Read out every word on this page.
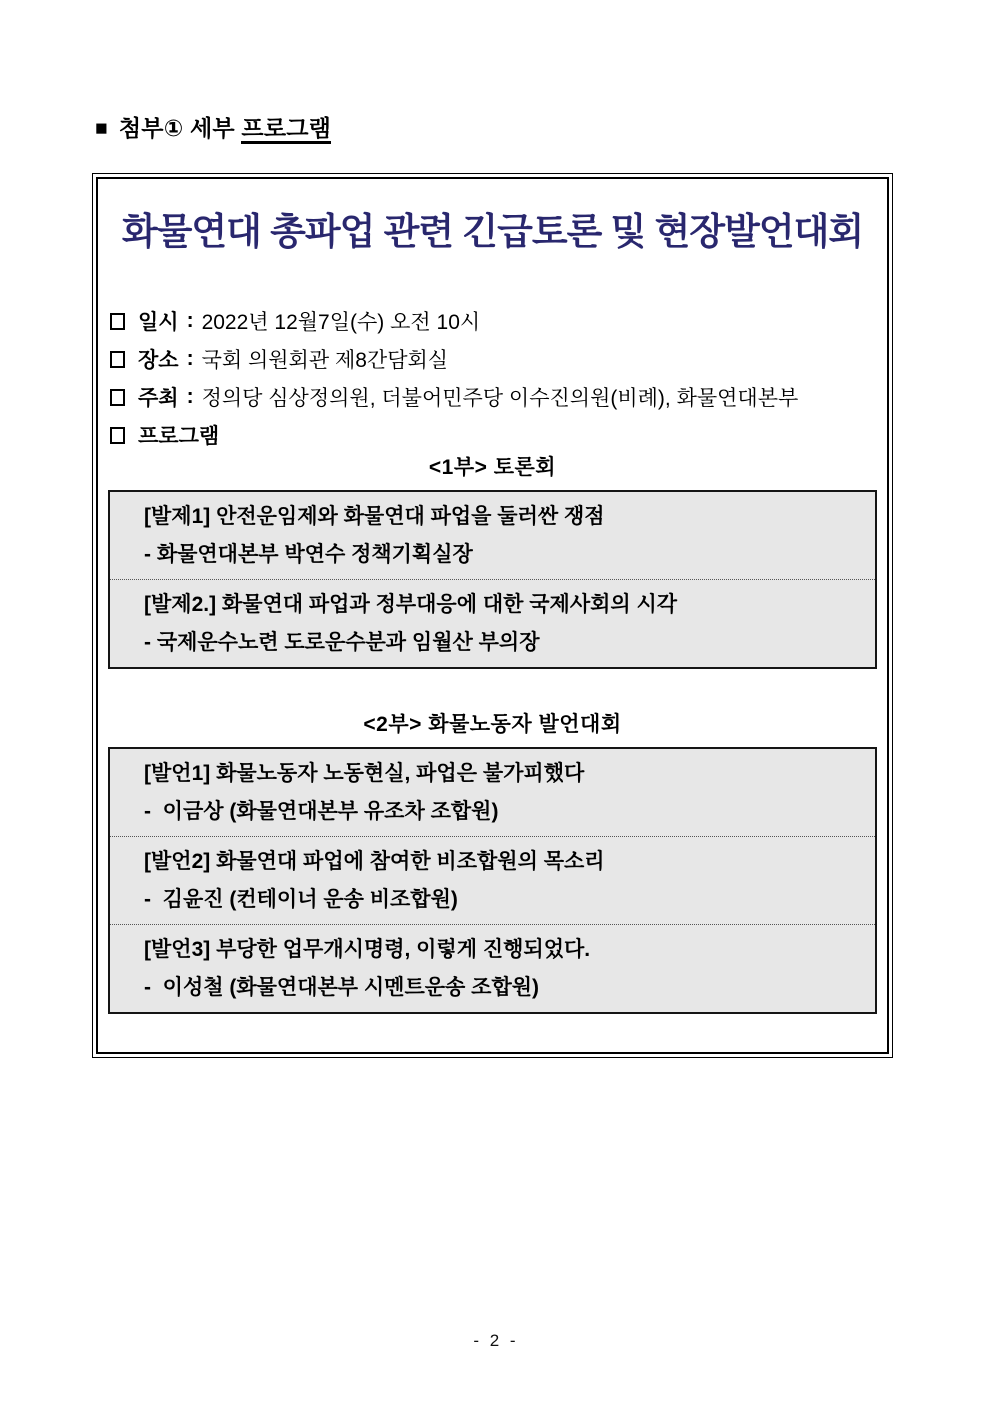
■ 첨부① 세부 프로그램
화물연대 총파업 관련 긴급토론 및 현장발언대회
일시 : 2022년 12월7일(수) 오전 10시
장소 : 국회 의원회관 제8간담회실
주최 : 정의당 심상정의원, 더불어민주당 이수진의원(비례), 화물연대본부
프로그램
<1부> 토론회
[발제1] 안전운임제와 화물연대 파업을 둘러싼 쟁점
- 화물연대본부 박연수 정책기획실장
[발제2.] 화물연대 파업과 정부대응에 대한 국제사회의 시각
- 국제운수노련 도로운수분과 임월산 부의장
<2부> 화물노동자 발언대회
[발언1] 화물노동자 노동현실, 파업은 불가피했다
-  이금상 (화물연대본부 유조차 조합원)
[발언2] 화물연대 파업에 참여한 비조합원의 목소리
-  김윤진 (컨테이너 운송 비조합원)
[발언3] 부당한 업무개시명령, 이렇게 진행되었다.
-  이성철 (화물연대본부 시멘트운송 조합원)
- 2 -
